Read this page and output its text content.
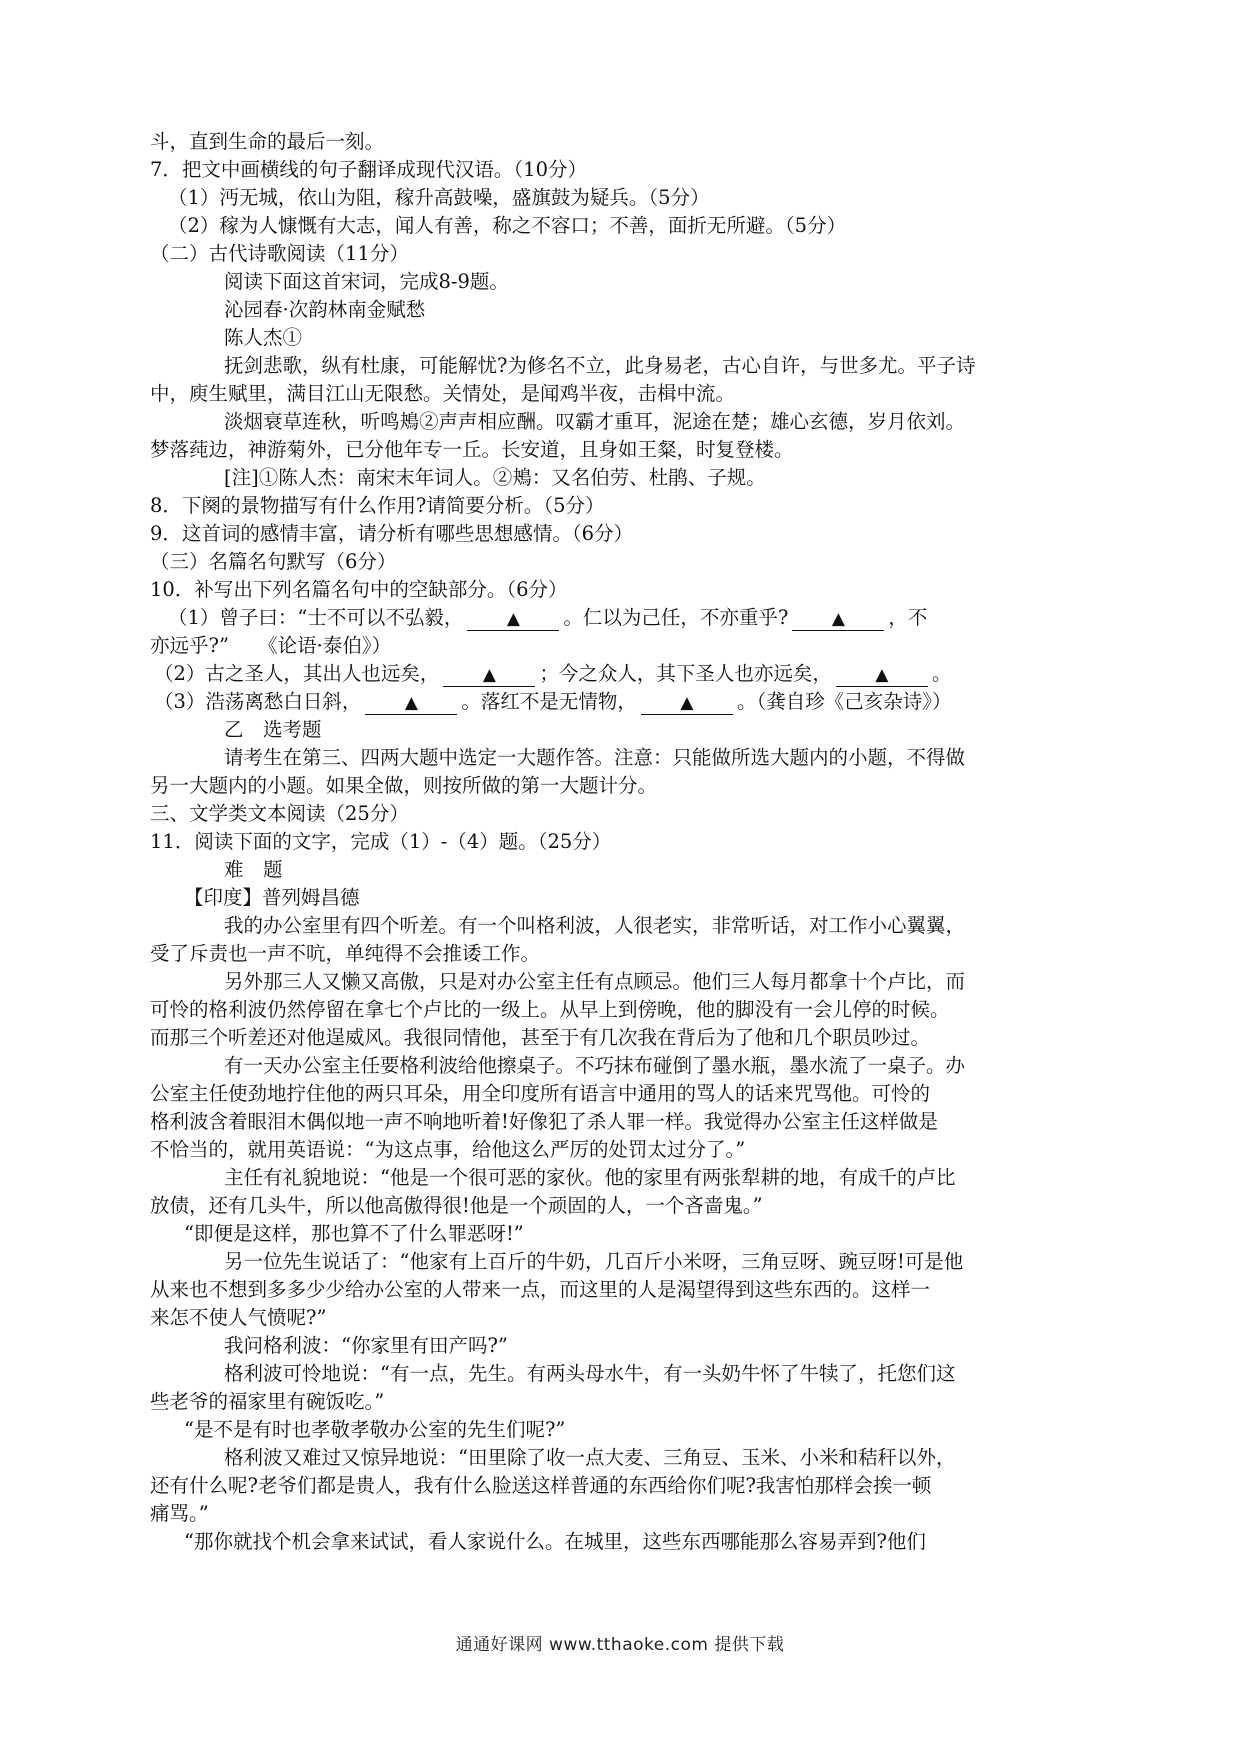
斗，直到生命的最后一刻。

7．把文中画横线的句子翻译成现代汉语。（10分）

（1）沔无城，依山为阻，稼升高鼓噪，盛旗鼓为疑兵。（5分）

（2）稼为人慷慨有大志，闻人有善，称之不容口；不善，面折无所避。（5分）

（二）古代诗歌阅读（11分）

阅读下面这首宋词，完成8-9题。

沁园春·次韵林南金赋愁

陈人杰①

抚剑悲歌，纵有杜康，可能解忧?为修名不立，此身易老，古心自许，与世多尤。平子诗

中，庾生赋里，满目江山无限愁。关情处，是闻鸡半夜，击楫中流。

淡烟衰草连秋，听鸣鴂②声声相应酬。叹霸才重耳，泥途在楚；雄心玄德，岁月依刘。

梦落莼边，神游菊外，已分他年专一丘。长安道，且身如王粲，时复登楼。

[注]①陈人杰：南宋末年词人。②鴂：又名伯劳、杜鹃、子规。

8．下阕的景物描写有什么作用?请简要分析。（5分）

9．这首词的感情丰富，请分析有哪些思想感情。（6分）

（三）名篇名句默写（6分）

10．补写出下列名篇名句中的空缺部分。（6分）

（1）曾子曰：“士不可以不弘毅，	▲ 。仁以为己任，不亦重乎?	▲ ，不

亦远乎?”　　《论语·泰伯》）

（2）古之圣人，其出人也远矣，	▲ ；今之众人，其下圣人也亦远矣，	▲ 。

（3）浩荡离愁白日斜，	▲ 。落红不是无情物，	▲ 。（龚自珍《己亥杂诗》）

乙　选考题

请考生在第三、四两大题中选定一大题作答。注意：只能做所选大题内的小题，不得做

另一大题内的小题。如果全做，则按所做的第一大题计分。

三、文学类文本阅读（25分）

11．阅读下面的文字，完成（1）-（4）题。（25分）

难　题

【印度】普列姆昌德

我的办公室里有四个听差。有一个叫格利波，人很老实，非常听话，对工作小心翼翼，

受了斥责也一声不吭，单纯得不会推诿工作。

另外那三人又懒又高傲，只是对办公室主任有点顾忌。他们三人每月都拿十个卢比，而

可怜的格利波仍然停留在拿七个卢比的一级上。从早上到傍晚，他的脚没有一会儿停的时候。

而那三个听差还对他逞威风。我很同情他，甚至于有几次我在背后为了他和几个职员吵过。

有一天办公室主任要格利波给他擦桌子。不巧抹布碰倒了墨水瓶，墨水流了一桌子。办

公室主任使劲地拧住他的两只耳朵，用全印度所有语言中通用的骂人的话来咒骂他。可怜的

格利波含着眼泪木偶似地一声不响地听着!好像犯了杀人罪一样。我觉得办公室主任这样做是

不恰当的，就用英语说：“为这点事，给他这么严厉的处罚太过分了。”

主任有礼貌地说：“他是一个很可恶的家伙。他的家里有两张犁耕的地，有成千的卢比

放债，还有几头牛，所以他高傲得很!他是一个顽固的人，一个吝啬鬼。”

“即便是这样，那也算不了什么罪恶呀!”

另一位先生说话了：“他家有上百斤的牛奶，几百斤小米呀，三角豆呀、豌豆呀!可是他

从来也不想到多多少少给办公室的人带来一点，而这里的人是渴望得到这些东西的。这样一

来怎不使人气愤呢?”

我问格利波：“你家里有田产吗?”

格利波可怜地说：“有一点，先生。有两头母水牛，有一头奶牛怀了牛犊了，托您们这

些老爷的福家里有碗饭吃。”

“是不是有时也孝敬孝敬办公室的先生们呢?”

格利波又难过又惊异地说：“田里除了收一点大麦、三角豆、玉米、小米和秸秆以外，

还有什么呢?老爷们都是贵人，我有什么脸送这样普通的东西给你们呢?我害怕那样会挨一顿

痛骂。”

“那你就找个机会拿来试试，看人家说什么。在城里，这些东西哪能那么容易弄到?他们

通通好课网 www.tthaoke.com 提供下载
